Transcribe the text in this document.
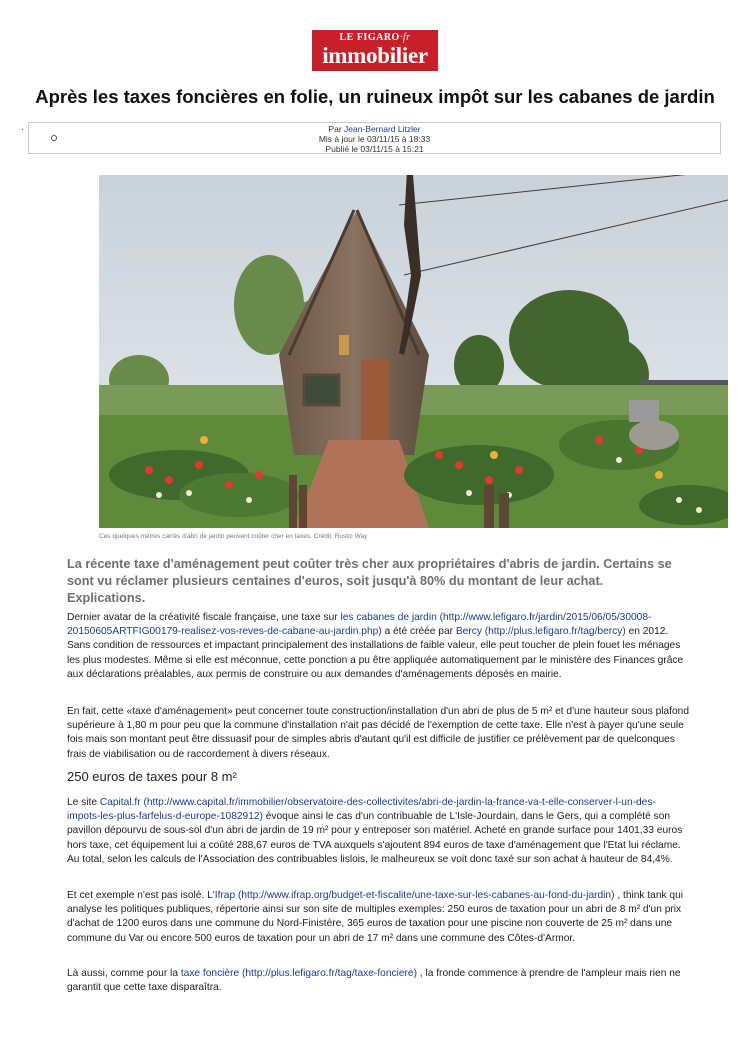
LE FIGARO·fr
immobilier
Après les taxes foncières en folie, un ruineux impôt sur les cabanes de jardin
·	Par Jean-Bernard Litzler
Mis à jour le 03/11/15 à 18:33
Publié le 03/11/15 à 15:21
Ces quelques mètres carrés d'abri de jardin peuvent coûter cher en taxes. Crédit: Rustic Way

La récente taxe d'aménagement peut coûter très cher aux propriétaires d'abris de jardin. Certains se sont vu réclamer plusieurs centaines d'euros, soit jusqu'à 80% du montant de leur achat. Explications.

Dernier avatar de la créativité fiscale française, une taxe sur les cabanes de jardin (http://www.lefigaro.fr/jardin/2015/06/05/30008-20150605ARTFIG00179-realisez-vos-reves-de-cabane-au-jardin.php) a été créée par Bercy (http://plus.lefigaro.fr/tag/bercy) en 2012. Sans condition de ressources et impactant principalement des installations de faible valeur, elle peut toucher de plein fouet les ménages les plus modestes. Même si elle est méconnue, cette ponction a pu être appliquée automatiquement par le ministère des Finances grâce aux déclarations préalables, aux permis de construire ou aux demandes d'aménagements déposés en mairie.

En fait, cette «taxe d'aménagement» peut concerner toute construction/installation d'un abri de plus de 5 m² et d'une hauteur sous plafond supérieure à 1,80 m pour peu que la commune d'installation n'ait pas décidé de l'exemption de cette taxe. Elle n'est à payer qu'une seule fois mais son montant peut être dissuasif pour de simples abris d'autant qu'il est difficile de justifier ce prélèvement par de quelconques frais de viabilisation ou de raccordement à divers réseaux.

250 euros de taxes pour 8 m²

Le site Capital.fr (http://www.capital.fr/immobilier/observatoire-des-collectivites/abri-de-jardin-la-france-va-t-elle-conserver-l-un-des-impots-les-plus-farfelus-d-europe-1082912) évoque ainsi le cas d'un contribuable de L'Isle-Jourdain, dans le Gers, qui a complété son pavillon dépourvu de sous-sol d'un abri de jardin de 19 m² pour y entreposer son matériel. Acheté en grande surface pour 1401,33 euros hors taxe, cet équipement lui a coûté 288,67 euros de TVA auxquels s'ajoutent 894 euros de taxe d'aménagement que l'Etat lui réclame. Au total, selon les calculs de l'Association des contribuables lislois, le malheureux se voit donc taxé sur son achat à hauteur de 84,4%.

Et cet exemple n'est pas isolé. L'Ifrap (http://www.ifrap.org/budget-et-fiscalite/une-taxe-sur-les-cabanes-au-fond-du-jardin) , think tank qui analyse les politiques publiques, répertorie ainsi sur son site de multiples exemples: 250 euros de taxation pour un abri de 8 m² d'un prix d'achat de 1200 euros dans une commune du Nord-Finistère, 365 euros de taxation pour une piscine non couverte de 25 m² dans une commune du Var ou encore 500 euros de taxation pour un abri de 17 m² dans une commune des Côtes-d'Armor.

Là aussi, comme pour la taxe foncière (http://plus.lefigaro.fr/tag/taxe-fonciere) , la fronde commence à prendre de l'ampleur mais rien ne garantit que cette taxe disparaîtra.
